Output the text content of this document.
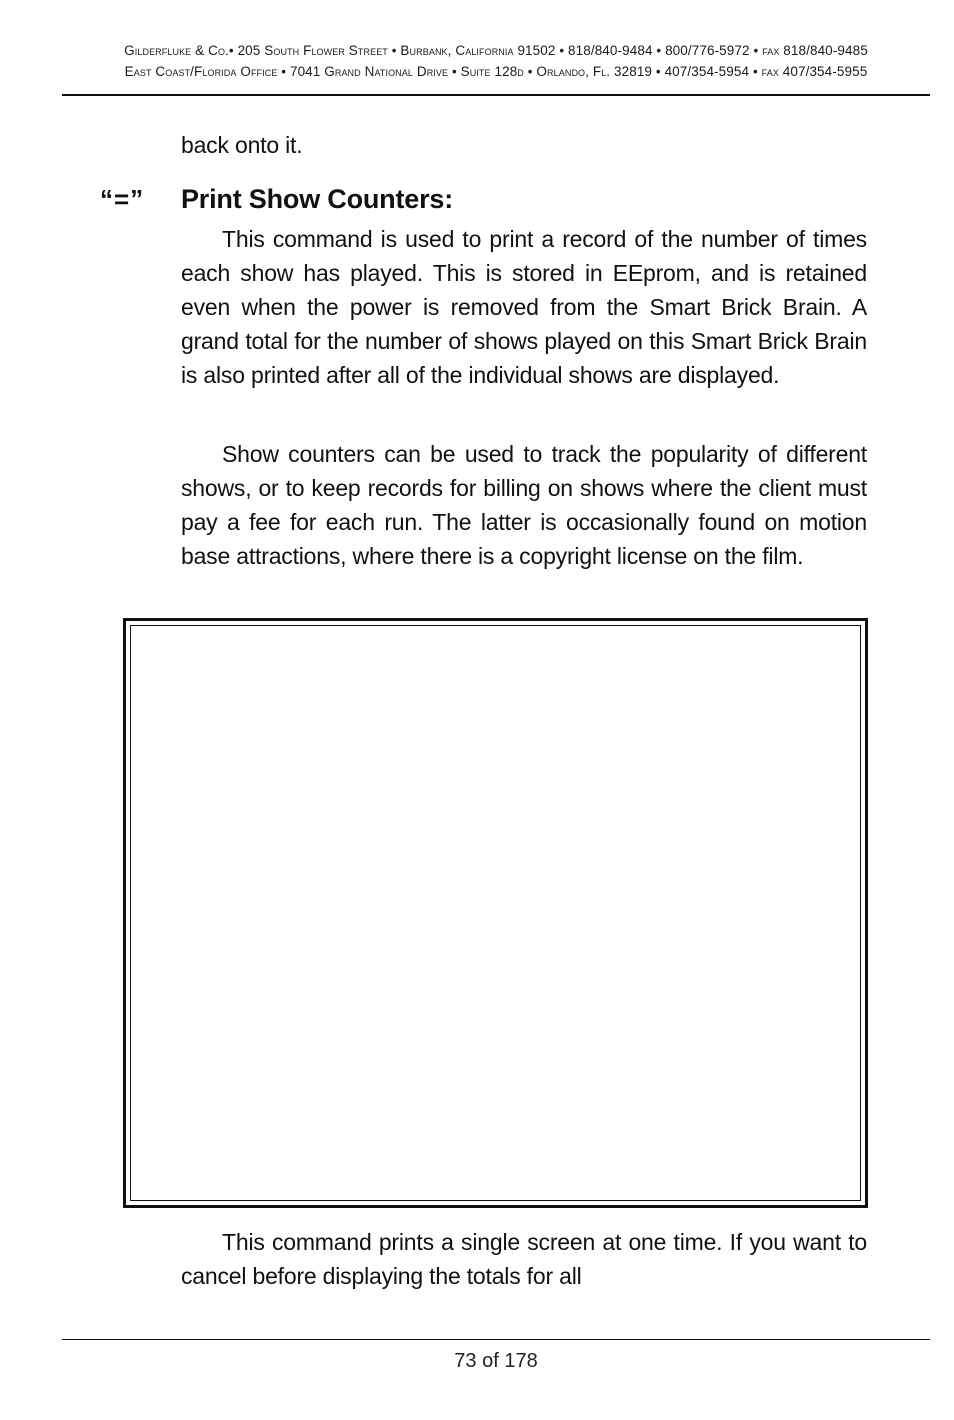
Gilderfluke & Co.• 205 South Flower Street • Burbank, California 91502 • 818/840-9484 • 800/776-5972 • fax 818/840-9485
East Coast/Florida Office • 7041 Grand National Drive • Suite 128d • Orlando, Fl. 32819 • 407/354-5954 • fax 407/354-5955

back onto it.

“=” Print Show Counters:

This command is used to print a record of the number of times each show has played. This is stored in EEprom, and is retained even when the power is removed from the Smart Brick Brain. A grand total for the number of shows played on this Smart Brick Brain is also printed after all of the individual shows are displayed.

Show counters can be used to track the popularity of different shows, or to keep records for billing on shows where the client must pay a fee for each run. The latter is occasionally found on motion base attractions, where there is a copyright license on the film.

This command prints a single screen at one time. If you want to cancel before displaying the totals for all

73 of 178
